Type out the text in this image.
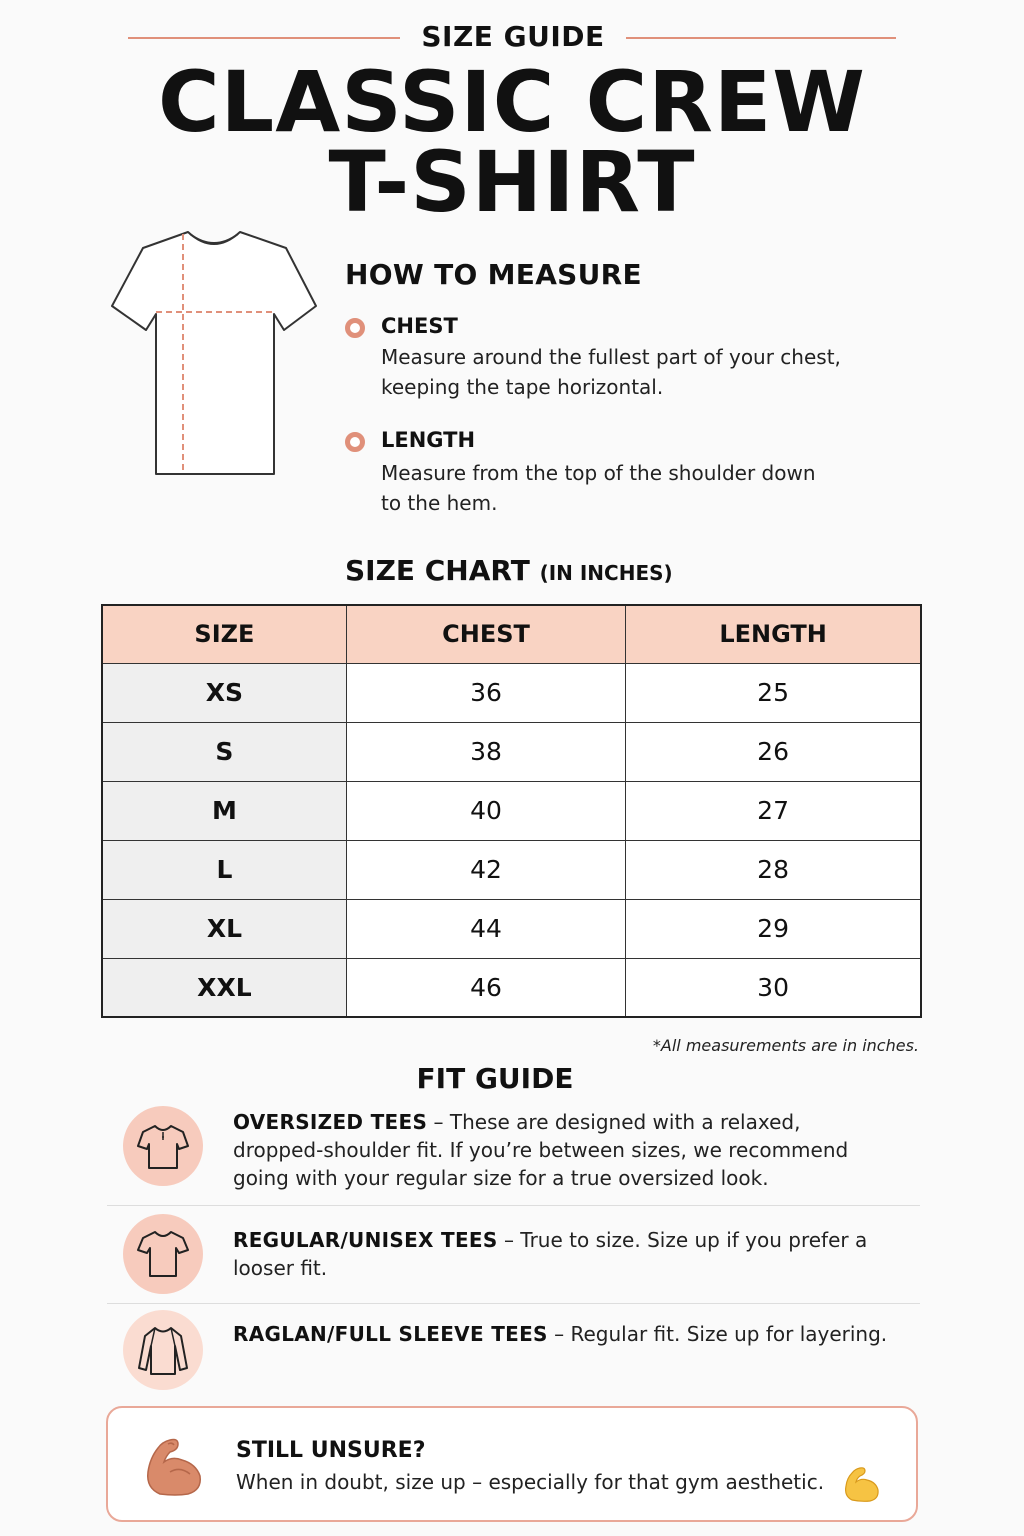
SIZE GUIDE
CLASSIC CREW
T-SHIRT
HOW TO MEASURE
CHEST
Measure around the fullest part of your chest,
keeping the tape horizontal.
LENGTH
Measure from the top of the shoulder down
to the hem.
SIZE CHART (IN INCHES)
SIZE	CHEST	LENGTH
XS	36	25
S	38	26
M	40	27
L	42	28
XL	44	29
XXL	46	30
*All measurements are in inches.
FIT GUIDE
OVERSIZED TEES – These are designed with a relaxed, dropped-shoulder fit. If you’re between sizes, we recommend going with your regular size for a true oversized look.
REGULAR/UNISEX TEES – True to size. Size up if you prefer a looser fit.
RAGLAN/FULL SLEEVE TEES – Regular fit. Size up for layering.
STILL UNSURE?
When in doubt, size up – especially for that gym aesthetic.
